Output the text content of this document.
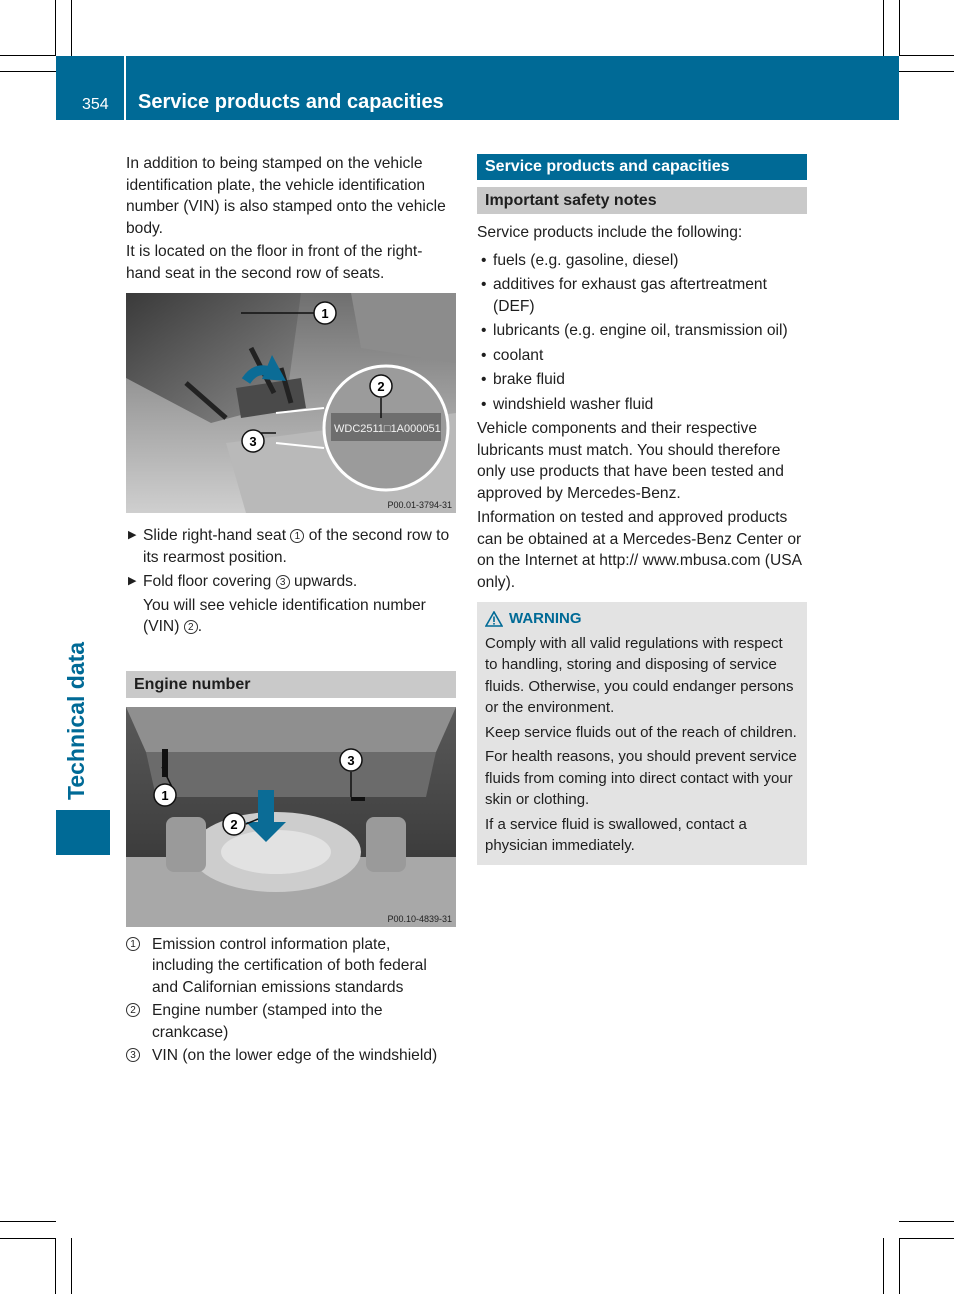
354 Service products and capacities
Technical data

In addition to being stamped on the vehicle identification plate, the vehicle identification number (VIN) is also stamped onto the vehicle body.

It is located on the floor in front of the right-hand seat in the second row of seats.

WDC2511□1A000051
1
2
3
P00.01-3794-31
▶ Slide right-hand seat 1 of the second row to its rearmost position.
▶ Fold floor covering 3 upwards.
You will see vehicle identification number (VIN) 2 .
Engine number
1
2
3
P00.10-4839-31
1 Emission control information plate, including the certification of both federal and Californian emissions standards
2 Engine number (stamped into the crankcase)
3 VIN (on the lower edge of the windshield)
Service products and capacities
Important safety notes

Service products include the following:

• fuels (e.g. gasoline, diesel)
• additives for exhaust gas aftertreatment (DEF)
• lubricants (e.g. engine oil, transmission oil)
• coolant
• brake fluid
• windshield washer fluid

Vehicle components and their respective lubricants must match. You should therefore only use products that have been tested and approved by Mercedes-Benz.

Information on tested and approved products can be obtained at a Mercedes-Benz Center or on the Internet at http:// www.mbusa.com (USA only).

WARNING

Comply with all valid regulations with respect to handling, storing and disposing of service fluids. Otherwise, you could endanger persons or the environment.

Keep service fluids out of the reach of children.

For health reasons, you should prevent service fluids from coming into direct contact with your skin or clothing.

If a service fluid is swallowed, contact a physician immediately.
